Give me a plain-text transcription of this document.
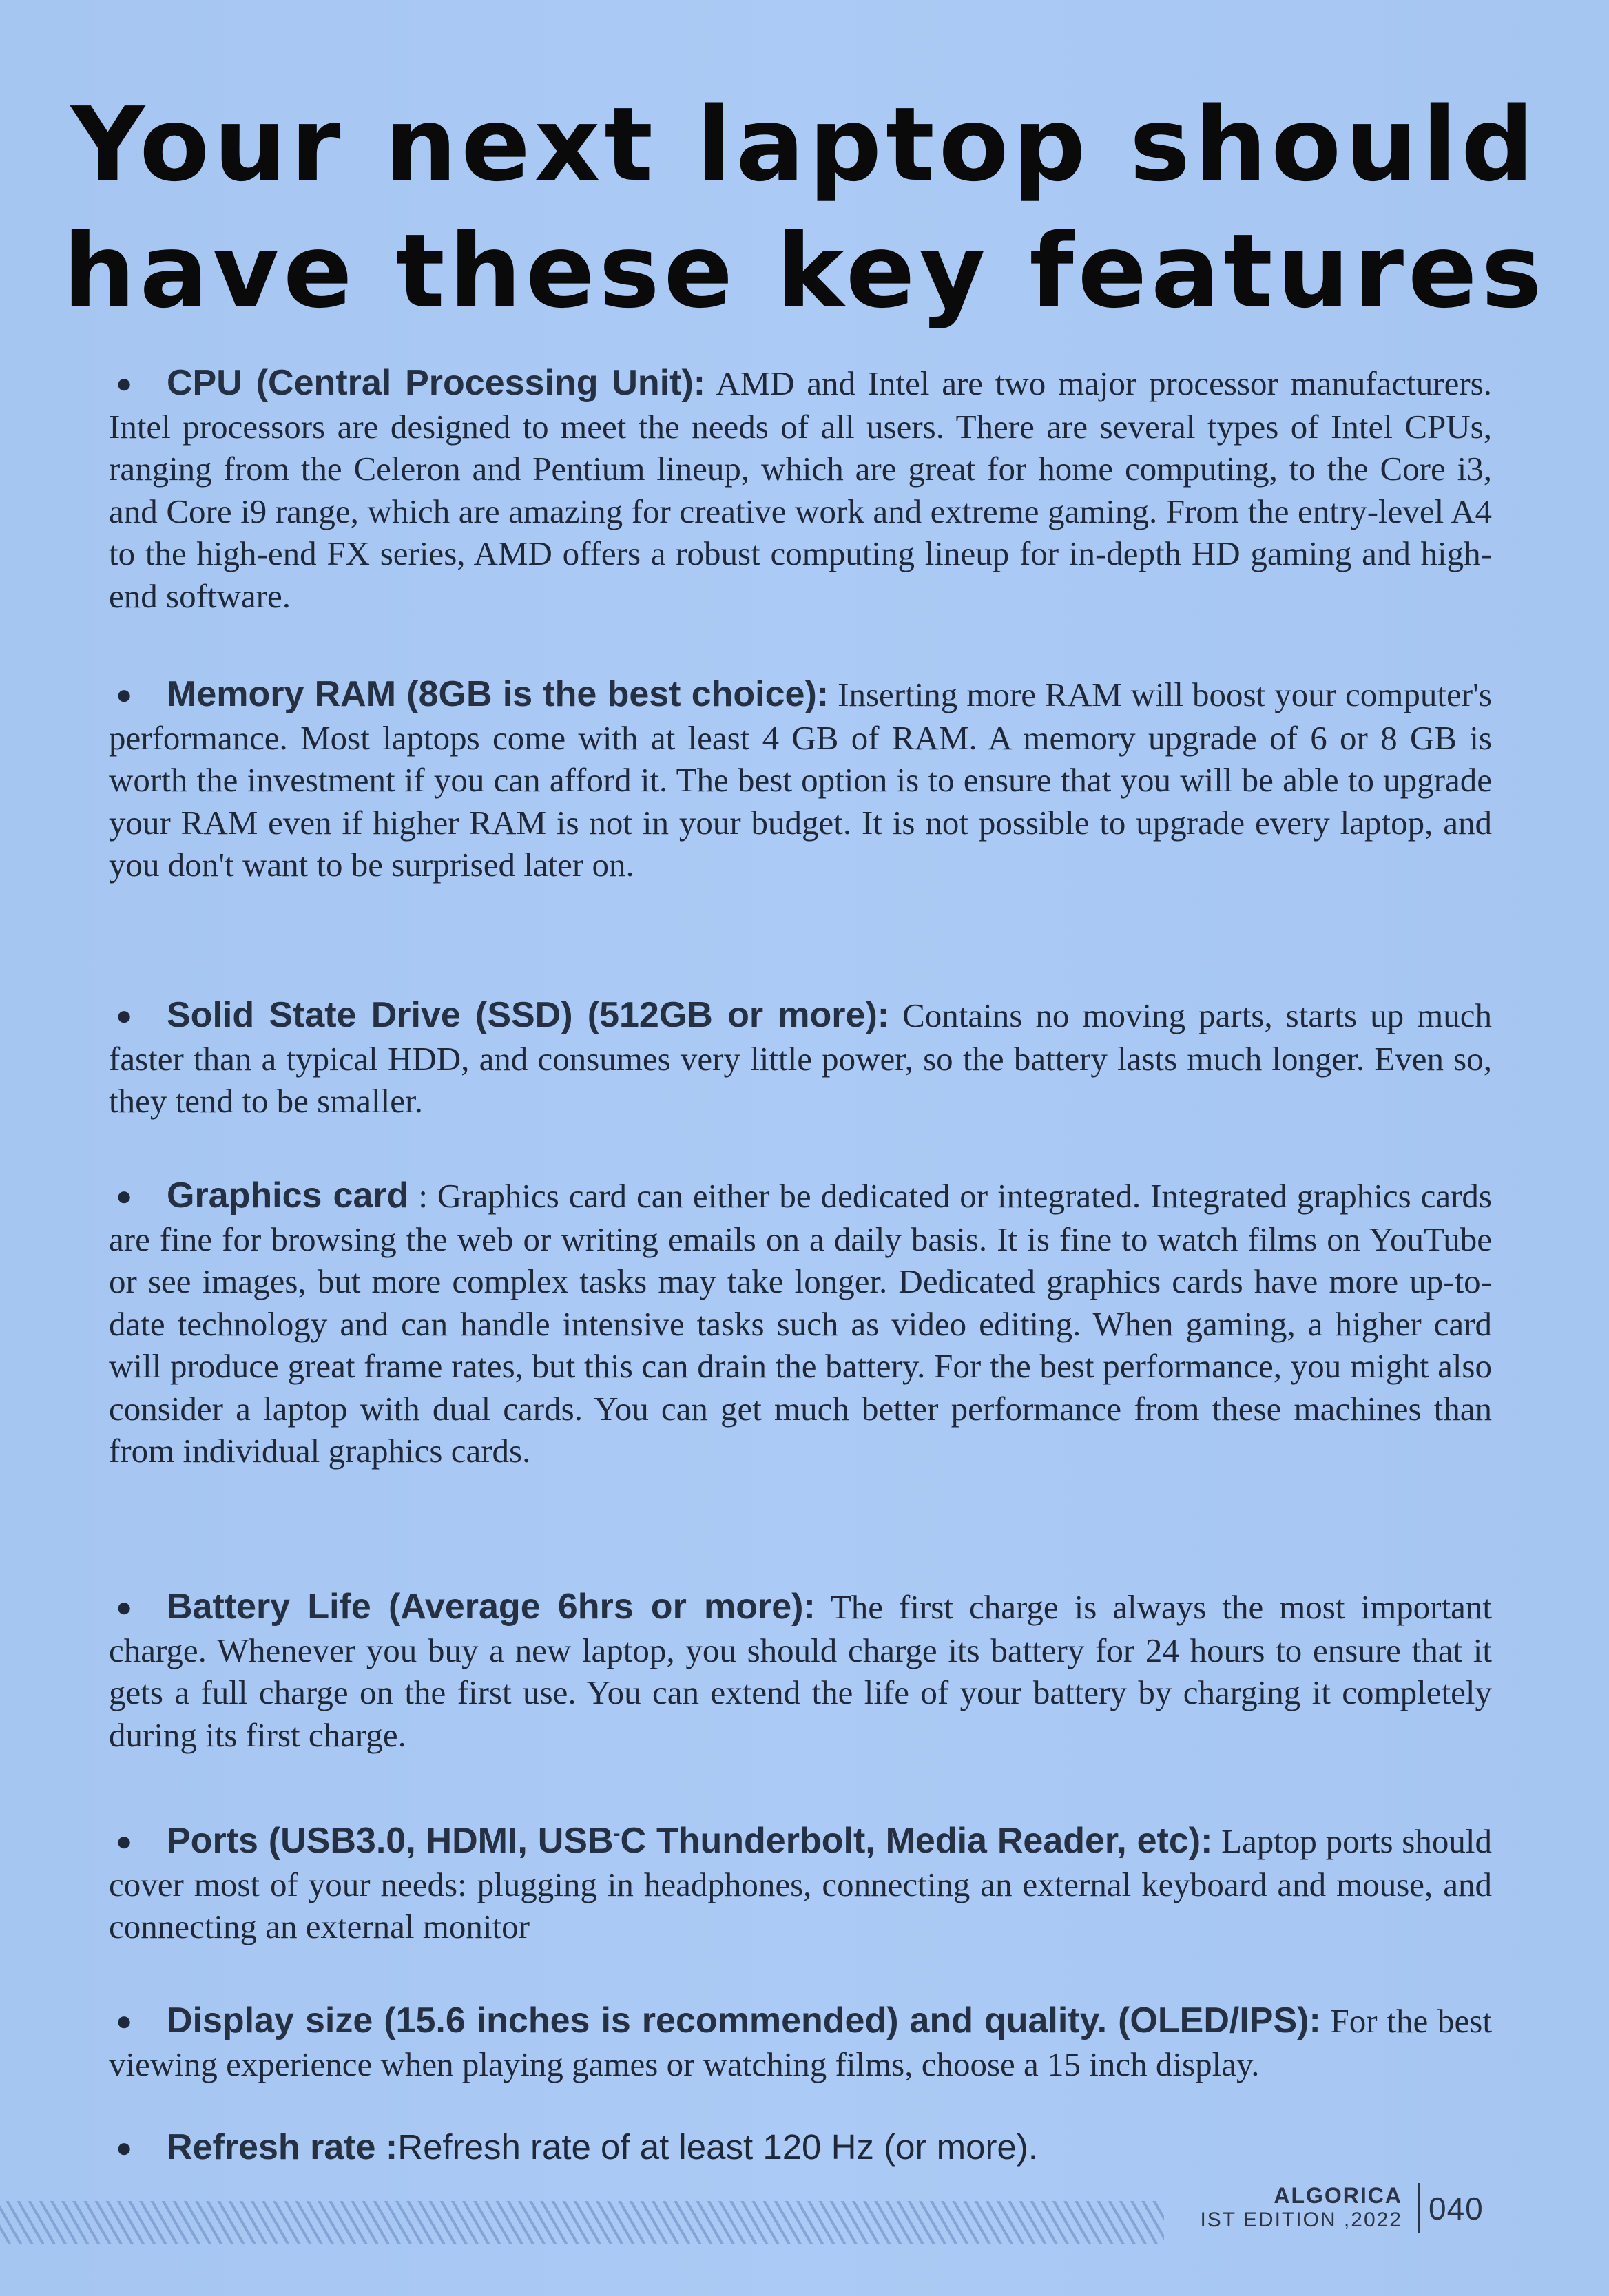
Your next laptop should
have these key features

● CPU (Central Processing Unit): AMD and Intel are two major processor manufacturers. Intel processors are designed to meet the needs of all users. There are several types of Intel CPUs, ranging from the Celeron and Pentium lineup, which are great for home computing, to the Core i3, and Core i9 range, which are amazing for creative work and extreme gaming. From the entry-level A4 to the high-end FX series, AMD offers a robust computing lineup for in-depth HD gaming and high-end software.

● Memory RAM (8GB is the best choice): Inserting more RAM will boost your computer's performance. Most laptops come with at least 4 GB of RAM. A memory upgrade of 6 or 8 GB is worth the investment if you can afford it. The best option is to ensure that you will be able to upgrade your RAM even if higher RAM is not in your budget. It is not possible to upgrade every laptop, and you don't want to be surprised later on.

● Solid State Drive (SSD) (512GB or more): Contains no moving parts, starts up much faster than a typical HDD, and consumes very little power, so the battery lasts much longer. Even so, they tend to be smaller.

● Graphics card : Graphics card can either be dedicated or integrated. Integrated graphics cards are fine for browsing the web or writing emails on a daily basis. It is fine to watch films on YouTube or see images, but more complex tasks may take longer. Dedicated graphics cards have more up-to-date technology and can handle intensive tasks such as video editing. When gaming, a higher card will produce great frame rates, but this can drain the battery. For the best performance, you might also consider a laptop with dual cards. You can get much better performance from these machines than from individual graphics cards.

● Battery Life (Average 6hrs or more): The first charge is always the most important charge. Whenever you buy a new laptop, you should charge its battery for 24 hours to ensure that it gets a full charge on the first use. You can extend the life of your battery by charging it completely during its first charge.

● Ports (USB3.0, HDMI, USB-C Thunderbolt, Media Reader, etc): Laptop ports should cover most of your needs: plugging in headphones, connecting an external keyboard and mouse, and connecting an external monitor

● Display size (15.6 inches is recommended) and quality. (OLED/IPS): For the best viewing experience when playing games or watching films, choose a 15 inch display.

● Refresh rate :Refresh rate of at least 120 Hz (or more).

ALGORICA
IST EDITION ,2022 040
